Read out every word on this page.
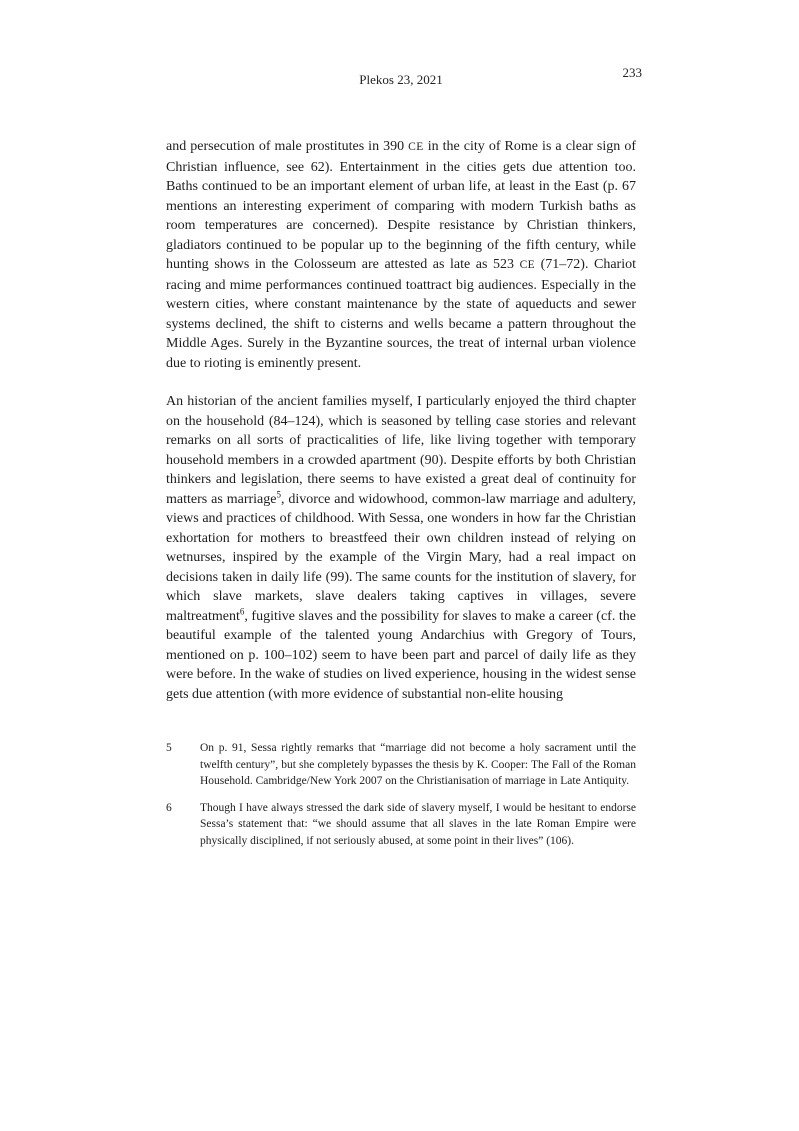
Plekos 23, 2021	233

and persecution of male prostitutes in 390 CE in the city of Rome is a clear sign of Christian influence, see 62). Entertainment in the cities gets due attention too. Baths continued to be an important element of urban life, at least in the East (p. 67 mentions an interesting experiment of comparing with modern Turkish baths as room temperatures are concerned). Despite resistance by Christian thinkers, gladiators continued to be popular up to the beginning of the fifth century, while hunting shows in the Colosseum are attested as late as 523 CE (71–72). Chariot racing and mime performances continued toattract big audiences. Especially in the western cities, where constant maintenance by the state of aqueducts and sewer systems declined, the shift to cisterns and wells became a pattern throughout the Middle Ages. Surely in the Byzantine sources, the treat of internal urban violence due to rioting is eminently present.

An historian of the ancient families myself, I particularly enjoyed the third chapter on the household (84–124), which is seasoned by telling case stories and relevant remarks on all sorts of practicalities of life, like living together with temporary household members in a crowded apartment (90). Despite efforts by both Christian thinkers and legislation, there seems to have existed a great deal of continuity for matters as marriage$^5$, divorce and widowhood, common-law marriage and adultery, views and practices of childhood. With Sessa, one wonders in how far the Christian exhortation for mothers to breastfeed their own children instead of relying on wetnurses, inspired by the example of the Virgin Mary, had a real impact on decisions taken in daily life (99). The same counts for the institution of slavery, for which slave markets, slave dealers taking captives in villages, severe maltreatment$^6$, fugitive slaves and the possibility for slaves to make a career (cf. the beautiful example of the talented young Andarchius with Gregory of Tours, mentioned on p. 100–102) seem to have been part and parcel of daily life as they were before. In the wake of studies on lived experience, housing in the widest sense gets due attention (with more evidence of substantial non-elite housing

5 On p. 91, Sessa rightly remarks that “marriage did not become a holy sacrament until the twelfth century”, but she completely bypasses the thesis by K. Cooper: The Fall of the Roman Household. Cambridge/New York 2007 on the Christianisation of marriage in Late Antiquity.
6 Though I have always stressed the dark side of slavery myself, I would be hesitant to endorse Sessa’s statement that: “we should assume that all slaves in the late Roman Empire were physically disciplined, if not seriously abused, at some point in their lives” (106).
